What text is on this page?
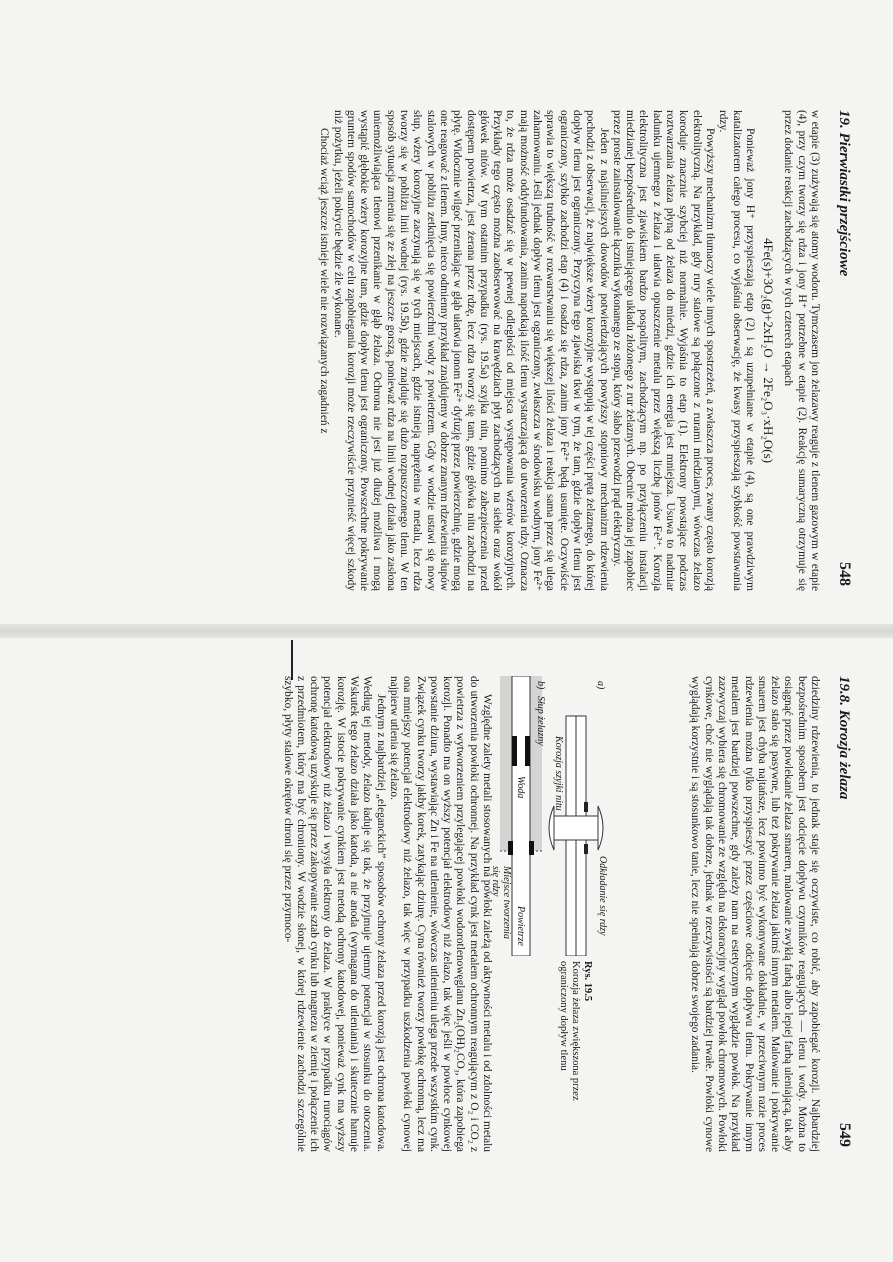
19. Pierwiastki przejściowe
548

w etapie (3) zużywają się atomy wodoru. Tymczasem jon żelazawy reaguje z tlenem gazowym w etapie (4), przy czym tworzy się rdza i jony H⁺ potrzebne w etapie (2). Reakcję sumaryczną otrzymuje się przez dodanie reakcji zachodzących w tych czterech etapach

4Fe(s)+3O₂(g)+2xH₂O → 2Fe₂O₃·xH₂O(s)

Ponieważ jony H⁺ przyspieszają etap (2) i są uzupełniane w etapie (4), są one prawdziwym katalizatorem całego procesu, co wyjaśnia obserwację, że kwasy przyspieszają szybkość powstawania rdzy.

Powyższy mechanizm tłumaczy wiele innych spostrzeżeń, a zwłaszcza proces, zwany często korozją elektrolityczną. Na przykład, gdy rury stalowe są połączone z rurami miedzianymi, wówczas żelazo koroduje znacznie szybciej niż normalnie. Wyjaśnia to etap (1). Elektrony powstające podczas roztwarzania żelaza płyną od żelaza do miedzi, gdzie ich energia jest mniejsza. Usuwa to nadmiar ładunku ujemnego z żelaza i ułatwia opuszczenie metalu przez większą liczbę jonów Fe²⁺. Korozja elektrolityczna jest zjawiskiem bardzo pospolitym, zachodzącym np. po przyłączeniu instalacji miedzianej bezpośrednio do istniejącego układu złożonego z rur żelaznych. Obecnie można jej zapobiec przez proste zainstalowanie łącznika wykonanego ze stopu, który słabo przewodzi prąd elektryczny.

Jeden z najsilniejszych dowodów potwierdzających powyższy stopniowy mechanizm rdzewienia pochodzi z obserwacji, że największe wżery korozyjne występują w tej części pręta żelaznego, do której dopływ tlenu jest ograniczony. Przyczyna tego zjawiska tkwi w tym, że tam, gdzie dopływ tlenu jest ograniczony, szybko zachodzi etap (4) i osadza się rdza, zanim jony Fe²⁺ będą usunięte. Oczywiście sprawia to większą trudność w rozwarstwaniu się większej ilości żelaza i reakcja sama przez się ulega zahamowaniu. Jeśli jednak dopływ tlenu jest ograniczony, zwłaszcza w środowisku wodnym, jony Fe²⁺ mają możność oddyfundowania, zanim napotkają ilość tlenu wystarczającą do utworzenia rdzy. Oznacza to, że rdza może osadzać się w pewnej odległości od miejsca występowania wżerów korozyjnych. Przykłady tego często można zaobserwować na krawędziach płyt zachodzących na siebie oraz wokół główek nitów. W tym ostatnim przypadku (rys. 19.5a) szyjka nitu, pomimo zabezpieczenia przed dostępem powietrza, jest żerana przez rdzę, lecz rdza tworzy się tam, gdzie główka nitu zachodzi na płytę. Widocznie wilgoć przenikając w głąb ułatwia jonom Fe²⁺ dyfuzję przez powierzchnię, gdzie mogą one reagować z tlenem. Inny, nieco odmienny przykład znajdujemy w dobrze znanym rdzewieniu słupów stalowych w pobliżu zetknięcia się powierzchni wody z powietrzem. Gdy w wodzie ustawi się nowy słup, wżery korozyjne zaczynają się w tych miejscach, gdzie istnieją naprężenia w metalu, lecz rdza tworzy się w pobliżu linii wodnej (rys. 19.5b), gdzie znajduje się dużo rozpuszczonego tlenu. W ten sposób sytuacja zmienia się ze złej na jeszcze gorszą, ponieważ rdza na linii wodnej działa jako zasłona uniemożliwiająca tlenowi przenikanie w głąb żelaza. Ochrona nie jest już dłużej możliwa i mogą wystąpić głębokie wżery korozyjne tam, gdzie dopływ tlenu jest ograniczony. Powszechne pokrywanie gruntem spodów samochodów w celu zapobiegania korozji może rzeczywiście przynieść więcej szkody niż pożytku, jeżeli pokrycie będzie źle wykonane.

Chociaż wciąż jeszcze istnieje wiele nie rozwiązanych zagadnień z

19.8. Korozja żelaza
549

dziedziny rdzewienia, to jednak staje się oczywiste, co robić, aby zapobiegać korozji. Najbardziej bezpośrednim sposobem jest odcięcie dopływu czynników reagujących — tlenu i wody. Można to osiągnąć przez powlekanie żelaza smarem, malowanie zwykłą farbą albo lepiej farbą uleniającą, tak aby żelazo stało się pasywne, lub też pokrywanie żelaza jakimś innym metalem. Malowanie i pokrywanie smarem jest chyba najtańsze, lecz powinno być wykonywane dokładnie, w przeciwnym razie proces rdzewienia można tylko przyspieszyć przez częściowe odcięcie dopływu tlenu. Pokrywanie innym metalem jest bardziej powszechne, gdy zależy nam na estetycznym wyglądzie powłok. Na przykład zazwyczaj wybiera się chromowanie ze względu na dekoracyjny wygląd powłok chromowych. Powłoki cynkowe, choć nie wyglądają tak dobrze, jednak w rzeczywistości są bardziej trwałe. Powłoki cynowe wyglądają korzystnie i są stosunkowo tanie, lecz nie spełniają dobrze swojego zadania.

a)
Odkładanie się rdzy
Korozja szyjki nitu
b)
Słup żelazny
Woda
Powietrze
Miejsce tworzenia się rdzy
Rys. 19.5
Korozja żelaza zwiększona przez ograniczony dopływ tlenu

Względne zalety metali stosowanych na powłoki zależą od aktywności metalu i od zdolności metalu do utworzenia powłoki ochronnej. Na przykład cynk jest metalem ochronnym reagującym z O₂ i CO₂ z powietrza z wytworzeniem przylegającej powłoki wodorotlenowęglanu Zn₂(OH)₂CO₃, która zapobiega korozji. Ponadto ma on wyższy potencjał elektrodowy niż żelazo, tak więc jeśli w powłoce cynkowej powstanie dziura, wystawiając Zn i Fe na utlenienie, wówczas utlenieniu ulega przede wszystkim cynk. Związek cynku tworzy jakby korek, zatykając dziurę. Cyna również tworzy powłokę ochronną, lecz ma ona mniejszy potencjał elektrodowy niż żelazo, tak więc w przypadku uszkodzenia powłoki cynowej najpierw utlenia się żelazo.

Jednym z najbardziej „eleganckich” sposobów ochrony żelaza przed korozją jest ochrona katodowa. Według tej metody, żelazo ładuje się tak, że przyjmuje ujemny potencjał w stosunku do otoczenia. Wskutek tego żelazo działa jako katoda, a nie anoda (wymagana do utleniania) i skutecznie hamuje korozję. W istocie pokrywanie cynkiem jest metodą ochrony katodowej, ponieważ cynk ma wyższy potencjał elektrodowy niż żelazo i wysyła elektrony do żelaza. W praktyce w przypadku rurociągów ochronę katodową uzyskuje się przez zakopywanie sztab cynku lub magnezu w ziemię i połączenie ich z przedmiotem, który ma być chroniony. W wodzie słonej, w której rdzewienie zachodzi szczególnie szybko, płyty stalowe okrętów chroni się przez przymoco-
